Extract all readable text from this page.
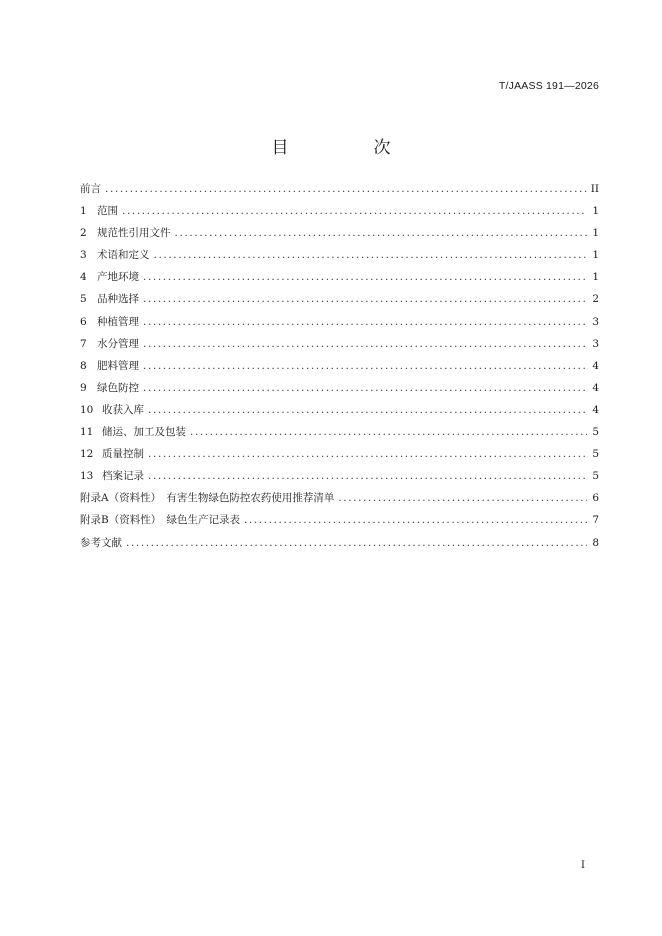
T/JAASS 191—2026
目　次
前言 .....	II
1 范围 .....	1
2 规范性引用文件 .....	1
3 术语和定义 .....	1
4 产地环境 .....	1
5 品种选择 .....	2
6 种植管理 .....	3
7 水分管理 .....	3
8 肥料管理 .....	4
9 绿色防控 .....	4
10 收获入库 .....	4
11 储运、加工及包装 .....	5
12 质量控制 .....	5
13 档案记录 .....	5
附录A（资料性）　有害生物绿色防控农药使用推荐清单 .....	6
附录B（资料性）　绿色生产记录表 .....	7
参考文献 .....	8
I
